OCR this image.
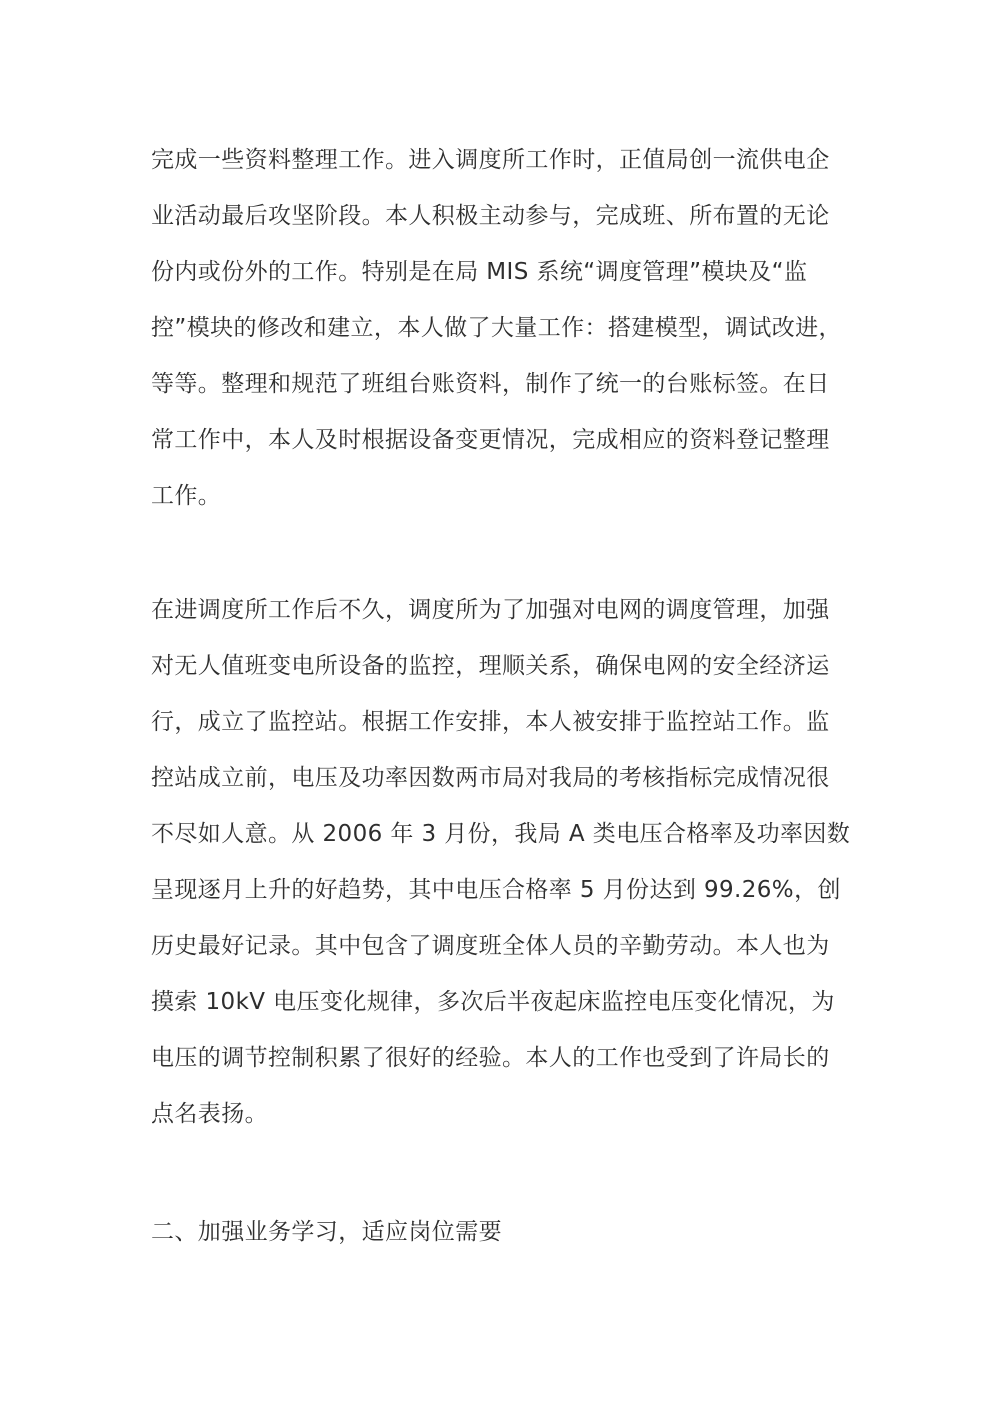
完成一些资料整理工作。进入调度所工作时，正值局创一流供电企
业活动最后攻坚阶段。本人积极主动参与，完成班、所布置的无论
份内或份外的工作。特别是在局 MIS 系统“调度管理”模块及“监
控”模块的修改和建立，本人做了大量工作：搭建模型，调试改进，
等等。整理和规范了班组台账资料，制作了统一的台账标签。在日
常工作中，本人及时根据设备变更情况，完成相应的资料登记整理
工作。
在进调度所工作后不久，调度所为了加强对电网的调度管理，加强
对无人值班变电所设备的监控，理顺关系，确保电网的安全经济运
行，成立了监控站。根据工作安排，本人被安排于监控站工作。监
控站成立前，电压及功率因数两市局对我局的考核指标完成情况很
不尽如人意。从 2006 年 3 月份，我局 A 类电压合格率及功率因数
呈现逐月上升的好趋势，其中电压合格率 5 月份达到 99.26%，创
历史最好记录。其中包含了调度班全体人员的辛勤劳动。本人也为
摸索 10kV 电压变化规律，多次后半夜起床监控电压变化情况，为
电压的调节控制积累了很好的经验。本人的工作也受到了许局长的
点名表扬。
二、加强业务学习，适应岗位需要
